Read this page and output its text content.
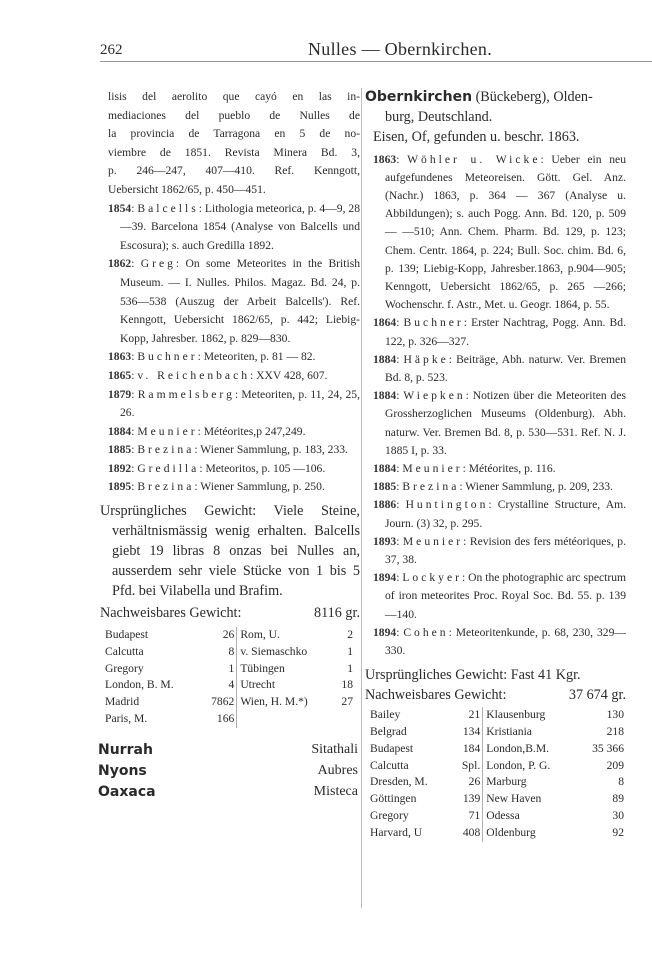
262	Nulles — Obernkirchen.

lisis del aerolito que cayó en las in-
mediaciones del pueblo de Nulles de
la provincia de Tarragona en 5 de no-
viembre de 1851. Revista Minera Bd. 3,
p. 246—247, 407—410. Ref. Kenngott,
Uebersicht 1862/65, p. 450—451.

1854: Balcells: Lithologia meteorica, p. 4—9, 28—39. Barcelona 1854 (Analyse von Balcells und Escosura); s. auch Gredilla 1892.

1862: Greg: On some Meteorites in the British Museum. — I. Nulles. Philos. Magaz. Bd. 24, p. 536—538 (Auszug der Arbeit Balcells'). Ref. Kenngott, Uebersicht 1862/65, p. 442; Liebig-Kopp, Jahresber. 1862, p. 829—830.

1863: Buchner: Meteoriten, p. 81 — 82.

1865: v. Reichenbach: XXV 428, 607.

1879: Rammelsberg: Meteoriten, p. 11, 24, 25, 26.

1884: Meunier: Météorites,p 247,249.

1885: Brezina: Wiener Sammlung, p. 183, 233.

1892: Gredilla: Meteoritos, p. 105 —106.

1895: Brezina: Wiener Sammlung, p. 250.

Ursprüngliches Gewicht: Viele Steine, verhältnismässig wenig erhalten. Balcells giebt 19 libras 8 onzas bei Nulles an, ausserdem sehr viele Stücke von 1 bis 5 Pfd. bei Vilabella und Brafim.

Nachweisbares Gewicht:	8116 gr.

Budapest	26	Rom, U.	2
Calcutta	8	v. Siemaschko	1
Gregory	1	Tübingen	1
London, B. M.	4	Utrecht	18
Madrid	7862	Wien, H. M.*)	27
Paris, M.	166		
Nurrah	Sitathali
Nyons	Aubres
Oaxaca	Misteca
Obernkirchen (Bückeberg), Olden-
burg, Deutschland.
Eisen, Of, gefunden u. beschr. 1863.

1863: Wöhler u. Wicke: Ueber ein neu aufgefundenes Meteoreisen. Gött. Gel. Anz. (Nachr.) 1863, p. 364 — 367 (Analyse u. Abbildungen); s. auch Pogg. Ann. Bd. 120, p. 509— —510; Ann. Chem. Pharm. Bd. 129, p. 123; Chem. Centr. 1864, p. 224; Bull. Soc. chim. Bd. 6, p. 139; Liebig-Kopp, Jahresber.1863, p.904—905; Kenngott, Uebersicht 1862/65, p. 265 —266; Wochenschr. f. Astr., Met. u. Geogr. 1864, p. 55.

1864: Buchner: Erster Nachtrag, Pogg. Ann. Bd. 122, p. 326—327.

1884: Häpke: Beiträge, Abh. naturw. Ver. Bremen Bd. 8, p. 523.

1884: Wiepken: Notizen über die Meteoriten des Grossherzoglichen Museums (Oldenburg). Abh. naturw. Ver. Bremen Bd. 8, p. 530—531. Ref. N. J. 1885 I, p. 33.

1884: Meunier: Météorites, p. 116.

1885: Brezina: Wiener Sammlung, p. 209, 233.

1886: Huntington: Crystalline Structure, Am. Journ. (3) 32, p. 295.

1893: Meunier: Revision des fers météoriques, p. 37, 38.

1894: Lockyer: On the photographic arc spectrum of iron meteorites Proc. Royal Soc. Bd. 55. p. 139—140.

1894: Cohen: Meteoritenkunde, p. 68, 230, 329—330.

Ursprüngliches Gewicht: Fast 41 Kgr.

Nachweisbares Gewicht:	37 674 gr.

Bailey	21	Klausenburg	130
Belgrad	134	Kristiania	218
Budapest	184	London,B.M.	35 366
Calcutta	Spl.	London, P. G.	209
Dresden, M.	26	Marburg	8
Göttingen	139	New Haven	89
Gregory	71	Odessa	30
Harvard, U	408	Oldenburg	92
